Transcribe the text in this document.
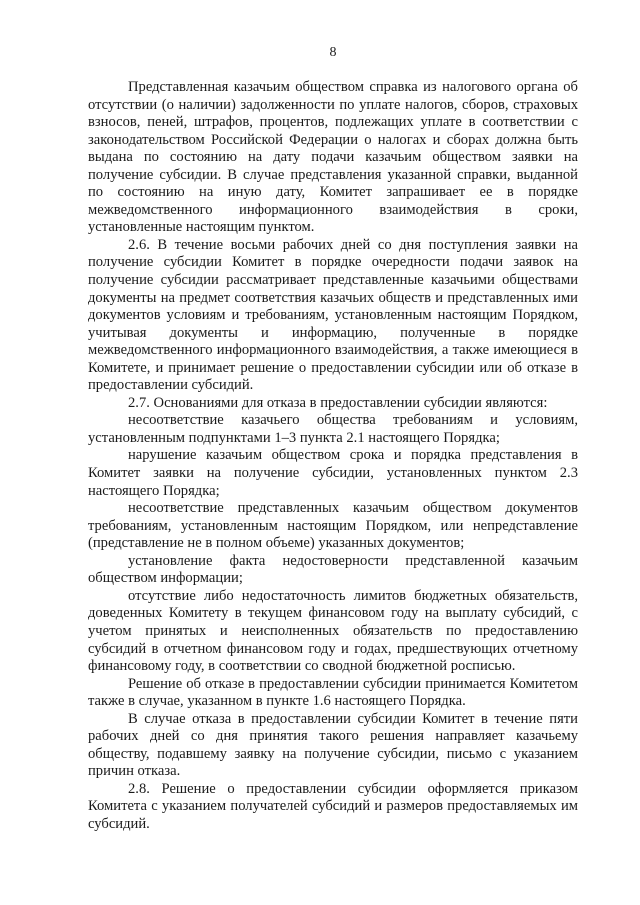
8

Представленная казачьим обществом справка из налогового органа об отсутствии (о наличии) задолженности по уплате налогов, сборов, страховых взносов, пеней, штрафов, процентов, подлежащих уплате в соответствии с законодательством Российской Федерации о налогах и сборах должна быть выдана по состоянию на дату подачи казачьим обществом заявки на получение субсидии. В случае представления указанной справки, выданной по состоянию на иную дату, Комитет запрашивает ее в порядке межведомственного информационного взаимодействия в сроки, установленные настоящим пунктом.

2.6. В течение восьми рабочих дней со дня поступления заявки на получение субсидии Комитет в порядке очередности подачи заявок на получение субсидии рассматривает представленные казачьими обществами документы на предмет соответствия казачьих обществ и представленных ими документов условиям и требованиям, установленным настоящим Порядком, учитывая документы и информацию, полученные в порядке межведомственного информационного взаимодействия, а также имеющиеся в Комитете, и принимает решение о предоставлении субсидии или об отказе в предоставлении субсидий.

2.7. Основаниями для отказа в предоставлении субсидии являются:

несоответствие казачьего общества требованиям и условиям, установленным подпунктами 1–3 пункта 2.1 настоящего Порядка;

нарушение казачьим обществом срока и порядка представления в Комитет заявки на получение субсидии, установленных пунктом 2.3 настоящего Порядка;

несоответствие представленных казачьим обществом документов требованиям, установленным настоящим Порядком, или непредставление (представление не в полном объеме) указанных документов;

установление факта недостоверности представленной казачьим обществом информации;

отсутствие либо недостаточность лимитов бюджетных обязательств, доведенных Комитету в текущем финансовом году на выплату субсидий, с учетом принятых и неисполненных обязательств по предоставлению субсидий в отчетном финансовом году и годах, предшествующих отчетному финансовому году, в соответствии со сводной бюджетной росписью.

Решение об отказе в предоставлении субсидии принимается Комитетом также в случае, указанном в пункте 1.6 настоящего Порядка.

В случае отказа в предоставлении субсидии Комитет в течение пяти рабочих дней со дня принятия такого решения направляет казачьему обществу, подавшему заявку на получение субсидии, письмо с указанием причин отказа.

2.8. Решение о предоставлении субсидии оформляется приказом Комитета с указанием получателей субсидий и размеров предоставляемых им субсидий.
